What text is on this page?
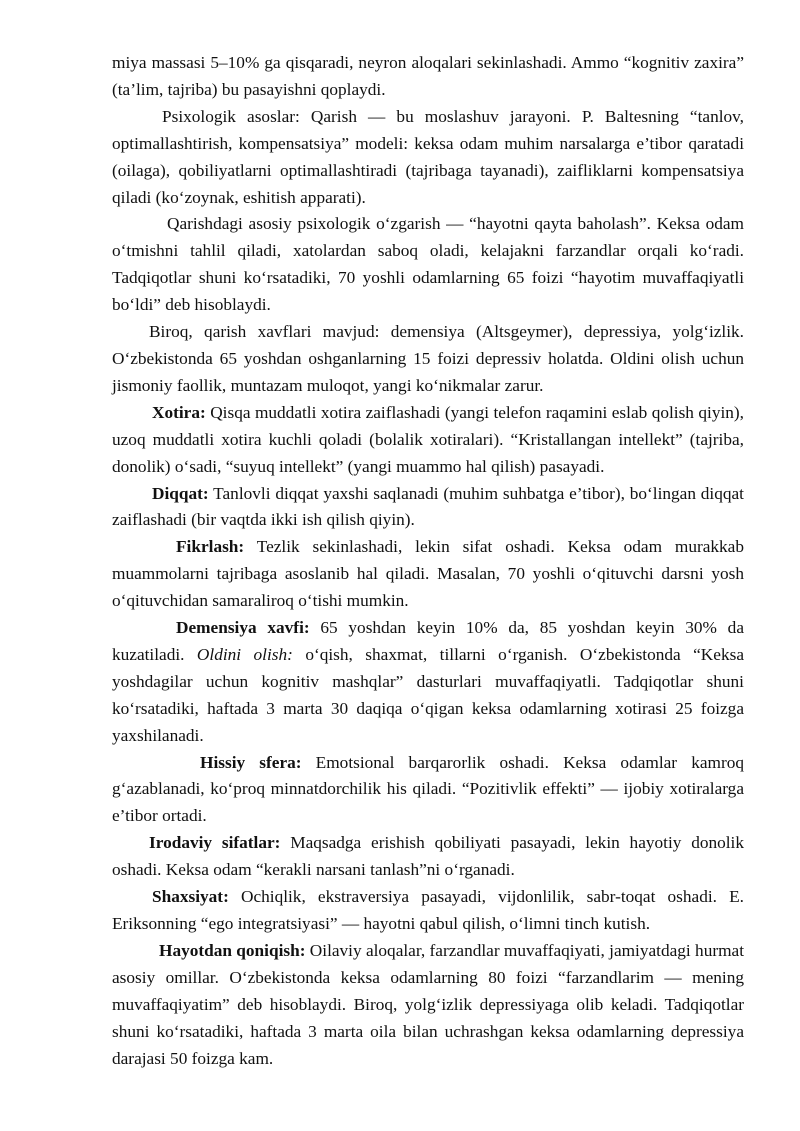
miya massasi 5–10% ga qisqaradi, neyron aloqalari sekinlashadi. Ammo “kognitiv zaxira” (ta’lim, tajriba) bu pasayishni qoplaydi.

Psixologik asoslar: Qarish — bu moslashuv jarayoni. P. Baltesning “tanlov, optimallashtirish, kompensatsiya” modeli: keksa odam muhim narsalarga e’tibor qaratadi (oilaga), qobiliyatlarni optimallashtiradi (tajribaga tayanadi), zaifliklarni kompensatsiya qiladi (ko‘zoynak, eshitish apparati).

Qarishdagi asosiy psixologik o‘zgarish — “hayotni qayta baholash”. Keksa odam o‘tmishni tahlil qiladi, xatolardan saboq oladi, kelajakni farzandlar orqali ko‘radi. Tadqiqotlar shuni ko‘rsatadiki, 70 yoshli odamlarning 65 foizi “hayotim muvaffaqiyatli bo‘ldi” deb hisoblaydi.

Biroq, qarish xavflari mavjud: demensiya (Altsgeymer), depressiya, yolg‘izlik. O‘zbekistonda 65 yoshdan oshganlarning 15 foizi depressiv holatda. Oldini olish uchun jismoniy faollik, muntazam muloqot, yangi ko‘nikmalar zarur.

Xotira: Qisqa muddatli xotira zaiflashadi (yangi telefon raqamini eslab qolish qiyin), uzoq muddatli xotira kuchli qoladi (bolalik xotiralari). “Kristallangan intellekt” (tajriba, donolik) o‘sadi, “suyuq intellekt” (yangi muammo hal qilish) pasayadi.

Diqqat: Tanlovli diqqat yaxshi saqlanadi (muhim suhbatga e’tibor), bo‘lingan diqqat zaiflashadi (bir vaqtda ikki ish qilish qiyin).

Fikrlash: Tezlik sekinlashadi, lekin sifat oshadi. Keksa odam murakkab muammolarni tajribaga asoslanib hal qiladi. Masalan, 70 yoshli o‘qituvchi darsni yosh o‘qituvchidan samaraliroq o‘tishi mumkin.

Demensiya xavfi: 65 yoshdan keyin 10% da, 85 yoshdan keyin 30% da kuzatiladi. Oldini olish: o‘qish, shaxmat, tillarni o‘rganish. O‘zbekistonda “Keksa yoshdagilar uchun kognitiv mashqlar” dasturlari muvaffaqiyatli. Tadqiqotlar shuni ko‘rsatadiki, haftada 3 marta 30 daqiqa o‘qigan keksa odamlarning xotirasi 25 foizga yaxshilanadi.

Hissiy sfera: Emotsional barqarorlik oshadi. Keksa odamlar kamroq g‘azablanadi, ko‘proq minnatdorchilik his qiladi. “Pozitivlik effekti” — ijobiy xotiralarga e’tibor ortadi.

Irodaviy sifatlar: Maqsadga erishish qobiliyati pasayadi, lekin hayotiy donolik oshadi. Keksa odam “kerakli narsani tanlash”ni o‘rganadi.

Shaxsiyat: Ochiqlik, ekstraversiya pasayadi, vijdonlilik, sabr-toqat oshadi. E. Eriksonning “ego integratsiyasi” — hayotni qabul qilish, o‘limni tinch kutish.

Hayotdan qoniqish: Oilaviy aloqalar, farzandlar muvaffaqiyati, jamiyatdagi hurmat asosiy omillar. O‘zbekistonda keksa odamlarning 80 foizi “farzandlarim — mening muvaffaqiyatim” deb hisoblaydi. Biroq, yolg‘izlik depressiyaga olib keladi. Tadqiqotlar shuni ko‘rsatadiki, haftada 3 marta oila bilan uchrashgan keksa odamlarning depressiya darajasi 50 foizga kam.
